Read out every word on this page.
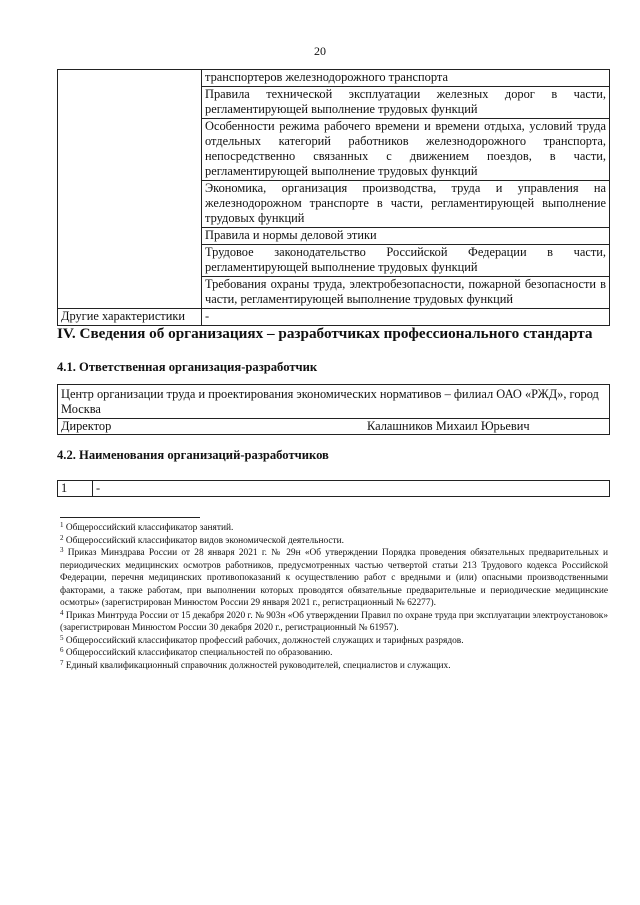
20
	транспортеров железнодорожного транспорта
	Правила технической эксплуатации железных дорог в части, регламентирующей выполнение трудовых функций
	Особенности режима рабочего времени и времени отдыха, условий труда отдельных категорий работников железнодорожного транспорта, непосредственно связанных с движением поездов, в части, регламентирующей выполнение трудовых функций
	Экономика, организация производства, труда и управления на железнодорожном транспорте в части, регламентирующей выполнение трудовых функций
	Правила и нормы деловой этики
	Трудовое законодательство Российской Федерации в части, регламентирующей выполнение трудовых функций
	Требования охраны труда, электробезопасности, пожарной безопасности в части, регламентирующей выполнение трудовых функций
Другие характеристики	-
IV. Сведения об организациях – разработчиках профессионального стандарта
4.1. Ответственная организация-разработчик
Центр организации труда и проектирования экономических нормативов – филиал ОАО «РЖД», город Москва
Директор	Калашников Михаил Юрьевич
4.2. Наименования организаций-разработчиков
1	-

$^1$ Общероссийский классификатор занятий.

$^2$ Общероссийский классификатор видов экономической деятельности.

$^3$ Приказ Минздрава России от 28 января 2021 г. № 29н «Об утверждении Порядка проведения обязательных предварительных и периодических медицинских осмотров работников, предусмотренных частью четвертой статьи 213 Трудового кодекса Российской Федерации, перечня медицинских противопоказаний к осуществлению работ с вредными и (или) опасными производственными факторами, а также работам, при выполнении которых проводятся обязательные предварительные и периодические медицинские осмотры» (зарегистрирован Минюстом России 29 января 2021 г., регистрационный № 62277).

$^4$ Приказ Минтруда России от 15 декабря 2020 г. № 903н «Об утверждении Правил по охране труда при эксплуатации электроустановок» (зарегистрирован Минюстом России 30 декабря 2020 г., регистрационный № 61957).

$^5$ Общероссийский классификатор профессий рабочих, должностей служащих и тарифных разрядов.

$^6$ Общероссийский классификатор специальностей по образованию.

$^7$ Единый квалификационный справочник должностей руководителей, специалистов и служащих.
